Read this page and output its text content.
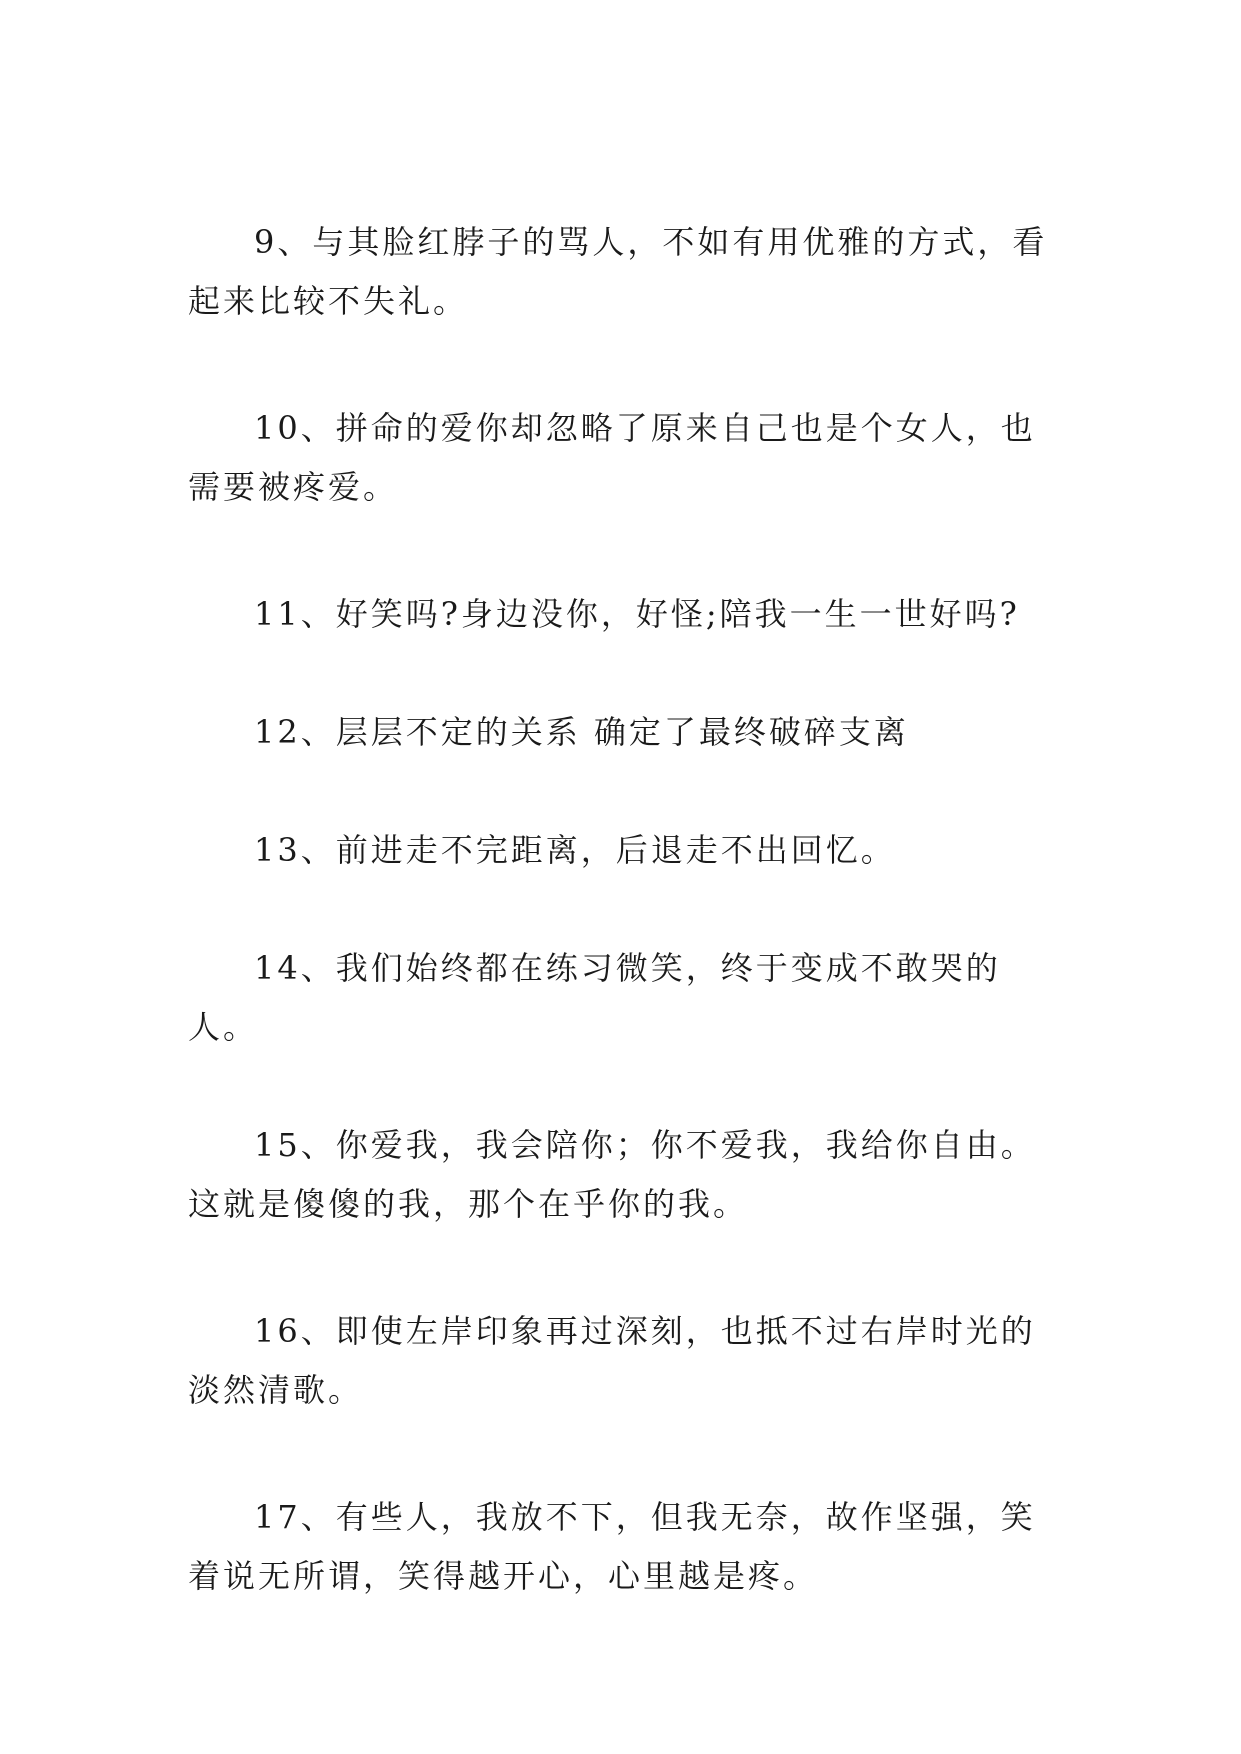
9、与其脸红脖子的骂人，不如有用优雅的方式，看起来比较不失礼。

10、拼命的爱你却忽略了原来自己也是个女人，也需要被疼爱。

11、好笑吗?身边没你，好怪;陪我一生一世好吗?

12、层层不定的关系 确定了最终破碎支离

13、前进走不完距离，后退走不出回忆。

14、我们始终都在练习微笑，终于变成不敢哭的人。

15、你爱我，我会陪你；你不爱我，我给你自由。这就是傻傻的我，那个在乎你的我。

16、即使左岸印象再过深刻，也抵不过右岸时光的淡然清歌。

17、有些人，我放不下，但我无奈，故作坚强，笑着说无所谓，笑得越开心，心里越是疼。
